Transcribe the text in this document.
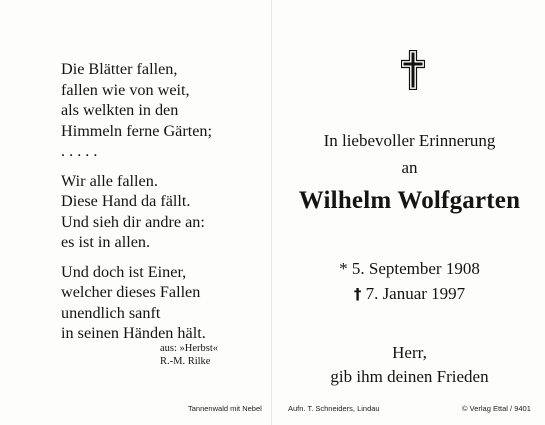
Die Blätter fallen,
fallen wie von weit,
als welkten in den
Himmeln ferne Gärten;
. . . . .
Wir alle fallen.
Diese Hand da fällt.
Und sieh dir andre an:
es ist in allen.
Und doch ist Einer,
welcher dieses Fallen
unendlich sanft
in seinen Händen hält.
aus: »Herbst«
R.-M. Rilke
In liebevoller Erinnerung
an
Wilhelm Wolfgarten
* 5. September 1908
† 7. Januar 1997
Herr,
gib ihm deinen Frieden
Tannenwald mit Nebel	Aufn. T. Schneiders, Lindau	© Verlag Ettal / 9401
